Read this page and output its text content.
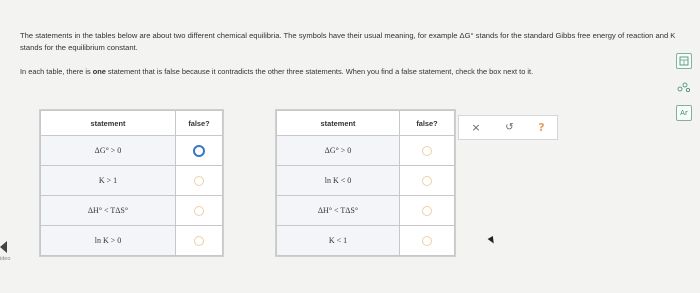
The statements in the tables below are about two different chemical equilibria. The symbols have their usual meaning, for example ΔG° stands for the standard Gibbs free energy of reaction and K stands for the equilibrium constant.
In each table, there is one statement that is false because it contradicts the other three statements. When you find a false statement, check the box next to it.
statement	false?
ΔG° > 0	
K > 1	
ΔH° < TΔS°	
ln K > 0	
statement	false?
ΔG° > 0	
ln K < 0	
ΔH° < TΔS°	
K < 1	
× ↺ ?
Ar
ideo
